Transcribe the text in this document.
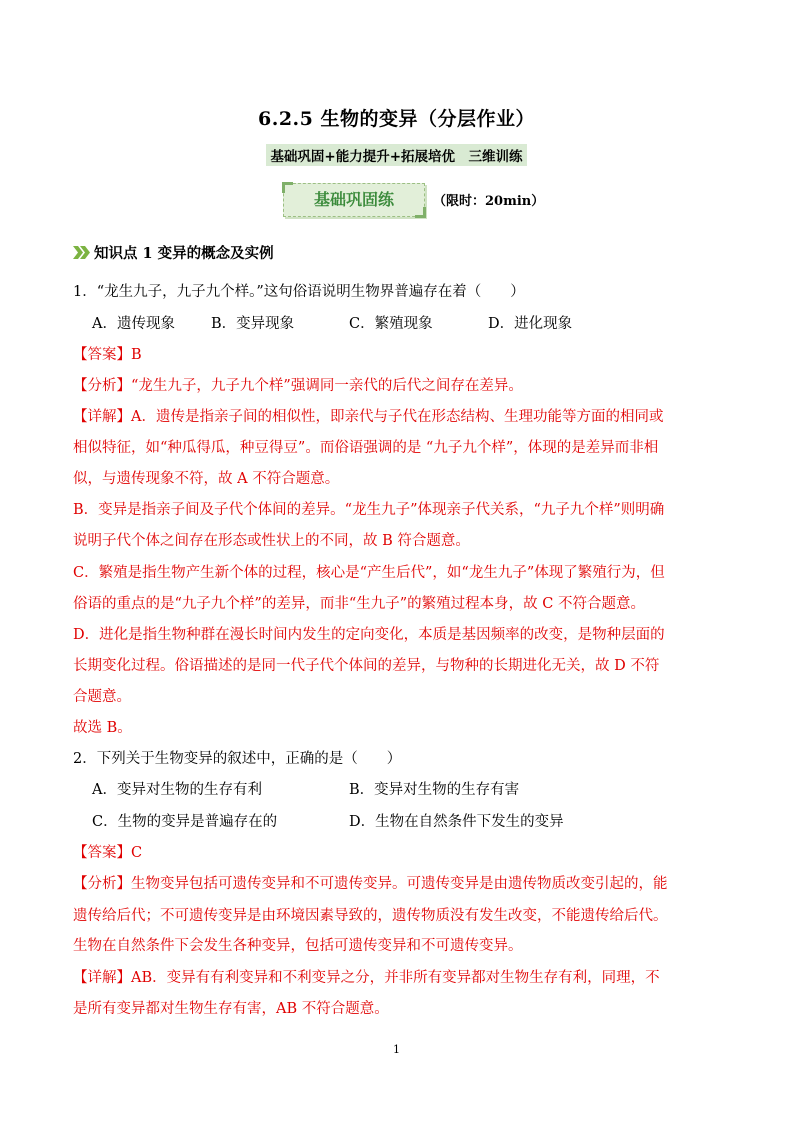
6.2.5 生物的变异（分层作业）
基础巩固+能力提升+拓展培优　三维训练
基础巩固练	（限时：20min）
知识点 1 变异的概念及实例
1．“龙生九子，九子九个样。”这句俗语说明生物界普遍存在着（　　）
A．遗传现象 B．变异现象	C．繁殖现象	D．进化现象
【答案】B
【分析】“龙生九子，九子九个样”强调同一亲代的后代之间存在差异。
【详解】A．遗传是指亲子间的相似性，即亲代与子代在形态结构、生理功能等方面的相同或
相似特征，如“种瓜得瓜，种豆得豆”。而俗语强调的是 “九子九个样”，体现的是差异而非相
似，与遗传现象不符，故 A 不符合题意。
B．变异是指亲子间及子代个体间的差异。“龙生九子”体现亲子代关系，“九子九个样”则明确
说明子代个体之间存在形态或性状上的不同，故 B 符合题意。
C．繁殖是指生物产生新个体的过程，核心是“产生后代”，如“龙生九子”体现了繁殖行为，但
俗语的重点的是“九子九个样”的差异，而非“生九子”的繁殖过程本身，故 C 不符合题意。
D．进化是指生物种群在漫长时间内发生的定向变化，本质是基因频率的改变，是物种层面的
长期变化过程。俗语描述的是同一代子代个体间的差异，与物种的长期进化无关，故 D 不符
合题意。
故选 B。
2．下列关于生物变异的叙述中，正确的是（　　）
A．变异对生物的生存有利	B．变异对生物的生存有害
C．生物的变异是普遍存在的	D．生物在自然条件下发生的变异
【答案】C
【分析】生物变异包括可遗传变异和不可遗传变异。可遗传变异是由遗传物质改变引起的，能
遗传给后代；不可遗传变异是由环境因素导致的，遗传物质没有发生改变，不能遗传给后代。
生物在自然条件下会发生各种变异，包括可遗传变异和不可遗传变异。
【详解】AB．变异有有利变异和不利变异之分，并非所有变异都对生物生存有利，同理，不
是所有变异都对生物生存有害，AB 不符合题意。
1
